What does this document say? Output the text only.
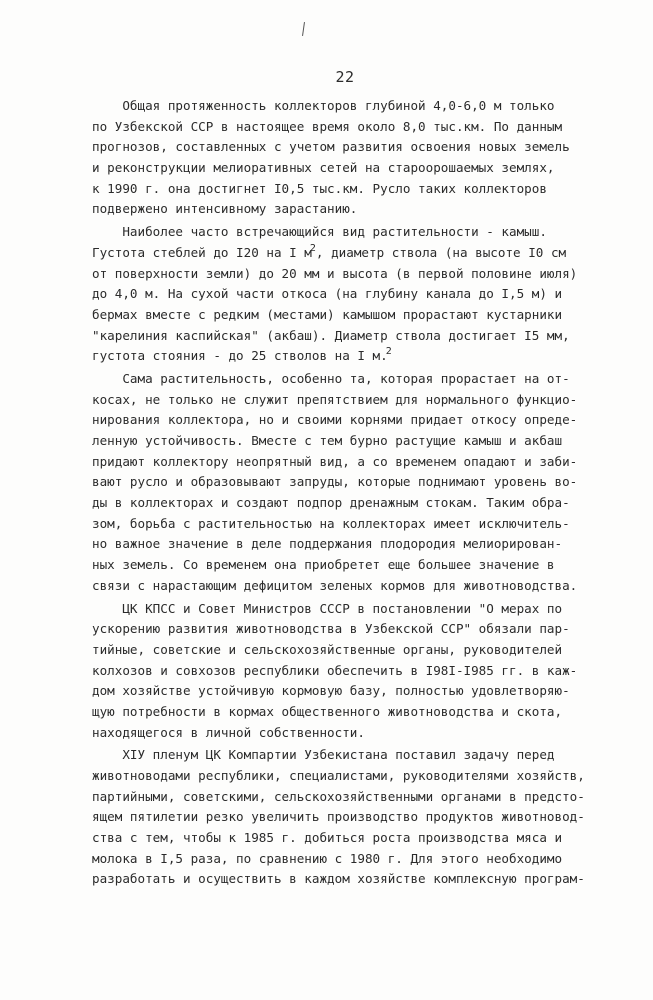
22
Общая протяженность коллекторов глубиной 4,0-6,0 м только
по Узбекской ССР в настоящее время около 8,0 тыс.км. По данным
прогнозов, составленных с учетом развития освоения новых земель
и реконструкции мелиоративных сетей на староорошаемых землях,
к 1990 г. она достигнет I0,5 тыс.км. Русло таких коллекторов
подвержено интенсивному зарастанию.
Наиболее часто встречающийся вид растительности - камыш.
Густота стеблей до I20 на I $м^2$, диаметр ствола (на высоте I0 см
от поверхности земли) до 20 мм и высота (в первой половине июля)
до 4,0 м. На сухой части откоса (на глубину канала до I,5 м) и
бермах вместе с редким (местами) камышом прорастают кустарники
"карелиния каспийская" (акбаш). Диаметр ствола достигает I5 мм,
густота стояния - до 25 стволов на I м.$^2$
Сама растительность, особенно та, которая прорастает на от-
косах, не только не служит препятствием для нормального функцио-
нирования коллектора, но и своими корнями придает откосу опреде-
ленную устойчивость. Вместе с тем бурно растущие камыш и акбаш
придают коллектору неопрятный вид, а со временем опадают и заби-
вают русло и образовывают запруды, которые поднимают уровень во-
ды в коллекторах и создают подпор дренажным стокам. Таким обра-
зом, борьба с растительностью на коллекторах имеет исключитель-
но важное значение в деле поддержания плодородия мелиорирован-
ных земель. Со временем она приобретет еще большее значение в
связи с нарастающим дефицитом зеленых кормов для животноводства.
ЦК КПСС и Совет Министров СССР в постановлении "О мерах по
ускорению развития животноводства в Узбекской ССР" обязали пар-
тийные, советские и сельскохозяйственные органы, руководителей
колхозов и совхозов республики обеспечить в I98I-I985 гг. в каж-
дом хозяйстве устойчивую кормовую базу, полностью удовлетворяю-
щую потребности в кормах общественного животноводства и скота,
находящегося в личной собственности.
XIУ пленум ЦК Компартии Узбекистана поставил задачу перед
животноводами республики, специалистами, руководителями хозяйств,
партийными, советскими, сельскохозяйственными органами в предсто-
ящем пятилетии резко увеличить производство продуктов животновод-
ства с тем, чтобы к 1985 г. добиться роста производства мяса и
молока в I,5 раза, по сравнению с 1980 г. Для этого необходимо
разработать и осуществить в каждом хозяйстве комплексную програм-
